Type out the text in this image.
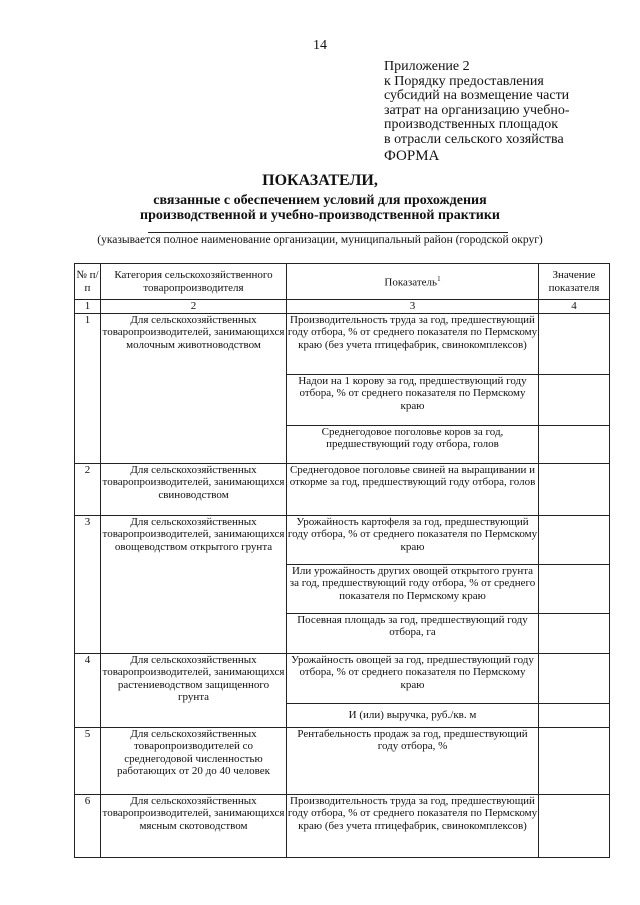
14
Приложение 2
к Порядку предоставления
субсидий на возмещение части
затрат на организацию учебно-
производственных площадок
в отрасли сельского хозяйства
ФОРМА
ПОКАЗАТЕЛИ,
связанные с обеспечением условий для прохождения
производственной и учебно-производственной практики
(указывается полное наименование организации, муниципальный район (городской округ)
№ п/п	Категория сельскохозяйственного товаропроизводителя	Показатель$^1$	Значение показателя
1	2	3	4
1	Для сельскохозяйственных товаропроизводителей, занимающихся молочным животноводством	Производительность труда за год, предшествующий году отбора, % от среднего показателя по Пермскому краю (без учета птицефабрик, свинокомплексов)	
		Надои на 1 корову за год, предшествующий году отбора, % от среднего показателя по Пермскому краю	
		Среднегодовое поголовье коров за год, предшествующий году отбора, голов	
2	Для сельскохозяйственных товаропроизводителей, занимающихся свиноводством	Среднегодовое поголовье свиней на выращивании и откорме за год, предшествующий году отбора, голов	
3	Для сельскохозяйственных товаропроизводителей, занимающихся овощеводством открытого грунта	Урожайность картофеля за год, предшествующий году отбора, % от среднего показателя по Пермскому краю	
		Или урожайность других овощей открытого грунта за год, предшествующий году отбора, % от среднего показателя по Пермскому краю	
		Посевная площадь за год, предшествующий году отбора, га	
4	Для сельскохозяйственных товаропроизводителей, занимающихся растениеводством защищенного грунта	Урожайность овощей за год, предшествующий году отбора, % от среднего показателя по Пермскому краю	
		И (или) выручка, руб./кв. м	
5	Для сельскохозяйственных товаропроизводителей со среднегодовой численностью работающих от 20 до 40 человек	Рентабельность продаж за год, предшествующий году отбора, %	
6	Для сельскохозяйственных товаропроизводителей, занимающихся мясным скотоводством	Производительность труда за год, предшествующий году отбора, % от среднего показателя по Пермскому краю (без учета птицефабрик, свинокомплексов)	
